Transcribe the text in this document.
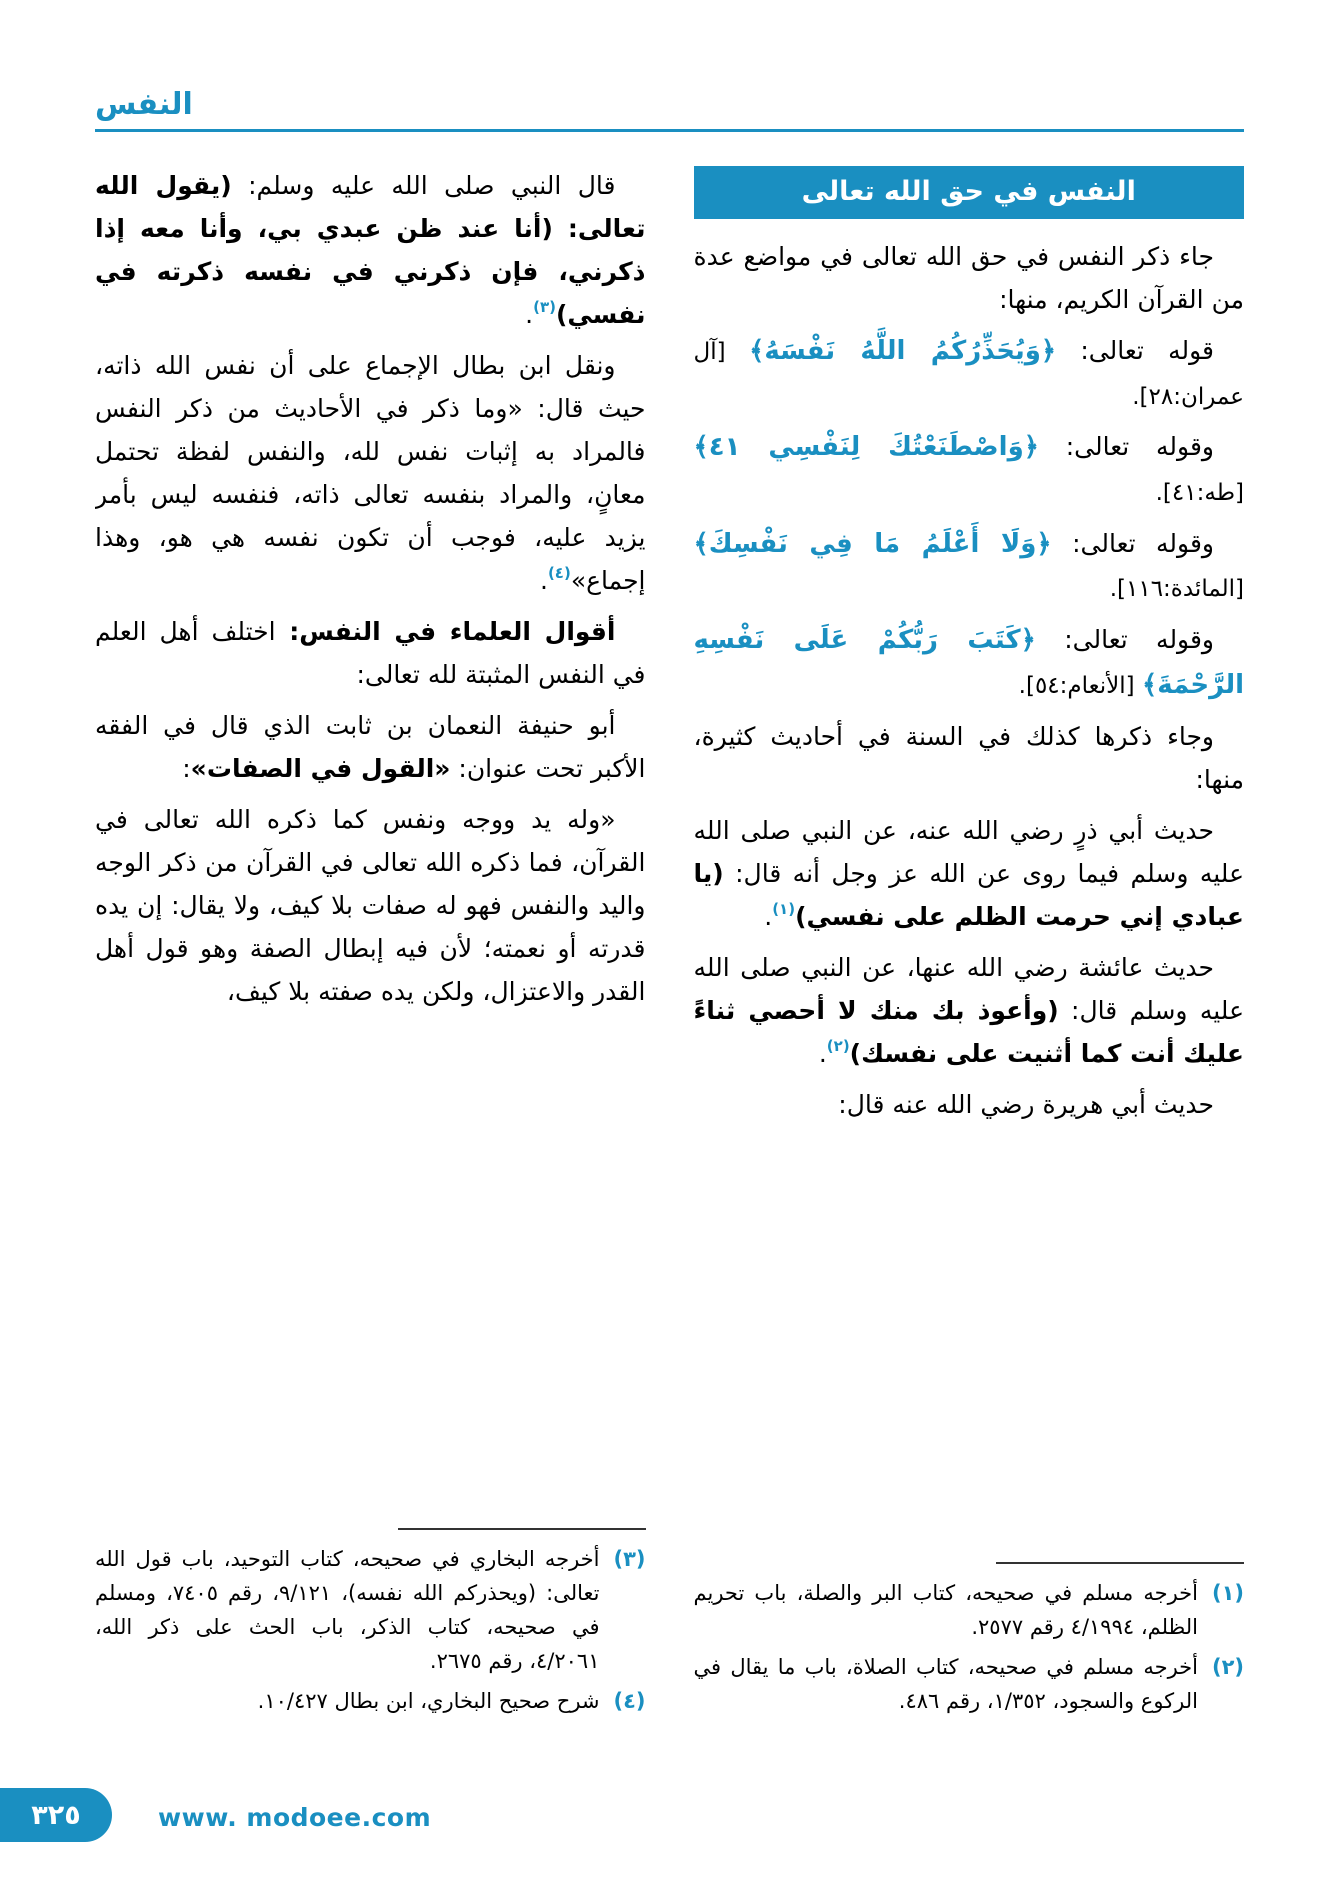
النفس
النفس في حق الله تعالى

جاء ذكر النفس في حق الله تعالى في مواضع عدة من القرآن الكريم، منها:

قوله تعالى: ﴿وَيُحَذِّرُكُمُ اللَّهُ نَفْسَهُ﴾ [آل عمران:٢٨].

وقوله تعالى: ﴿وَاصْطَنَعْتُكَ لِنَفْسِي ٤١﴾ [طه:٤١].

وقوله تعالى: ﴿وَلَا أَعْلَمُ مَا فِي نَفْسِكَ﴾ [المائدة:١١٦].

وقوله تعالى: ﴿كَتَبَ رَبُّكُمْ عَلَى نَفْسِهِ الرَّحْمَةَ﴾ [الأنعام:٥٤].

وجاء ذكرها كذلك في السنة في أحاديث كثيرة، منها:

حديث أبي ذرٍ رضي الله عنه، عن النبي صلى الله عليه وسلم فيما روى عن الله عز وجل أنه قال: (يا عبادي إني حرمت الظلم على نفسي)$^{(١)}$.

حديث عائشة رضي الله عنها، عن النبي صلى الله عليه وسلم قال: (وأعوذ بك منك لا أحصي ثناءً عليك أنت كما أثنيت على نفسك)$^{(٢)}$.

حديث أبي هريرة رضي الله عنه قال:

(١)
أخرجه مسلم في صحيحه، كتاب البر والصلة، باب تحريم الظلم، ٤/١٩٩٤ رقم ٢٥٧٧.
(٢)
أخرجه مسلم في صحيحه، كتاب الصلاة، باب ما يقال في الركوع والسجود، ١/٣٥٢، رقم ٤٨٦.

قال النبي صلى الله عليه وسلم: (يقول الله تعالى: (أنا عند ظن عبدي بي، وأنا معه إذا ذكرني، فإن ذكرني في نفسه ذكرته في نفسي)$^{(٣)}$.

ونقل ابن بطال الإجماع على أن نفس الله ذاته، حيث قال: «وما ذكر في الأحاديث من ذكر النفس فالمراد به إثبات نفس لله، والنفس لفظة تحتمل معانٍ، والمراد بنفسه تعالى ذاته، فنفسه ليس بأمر يزيد عليه، فوجب أن تكون نفسه هي هو، وهذا إجماع»$^{(٤)}$.

أقوال العلماء في النفس: اختلف أهل العلم في النفس المثبتة لله تعالى:

أبو حنيفة النعمان بن ثابت الذي قال في الفقه الأكبر تحت عنوان: «القول في الصفات»:

«وله يد ووجه ونفس كما ذكره الله تعالى في القرآن، فما ذكره الله تعالى في القرآن من ذكر الوجه واليد والنفس فهو له صفات بلا كيف، ولا يقال: إن يده قدرته أو نعمته؛ لأن فيه إبطال الصفة وهو قول أهل القدر والاعتزال، ولكن يده صفته بلا كيف،

(٣)
أخرجه البخاري في صحيحه، كتاب التوحيد، باب قول الله تعالى: (ويحذركم الله نفسه)، ٩/١٢١، رقم ٧٤٠٥، ومسلم في صحيحه، كتاب الذكر، باب الحث على ذكر الله، ٤/٢٠٦١، رقم ٢٦٧٥.
(٤)
شرح صحيح البخاري، ابن بطال ١٠/٤٢٧.
٣٢٥	www. modoee.com
